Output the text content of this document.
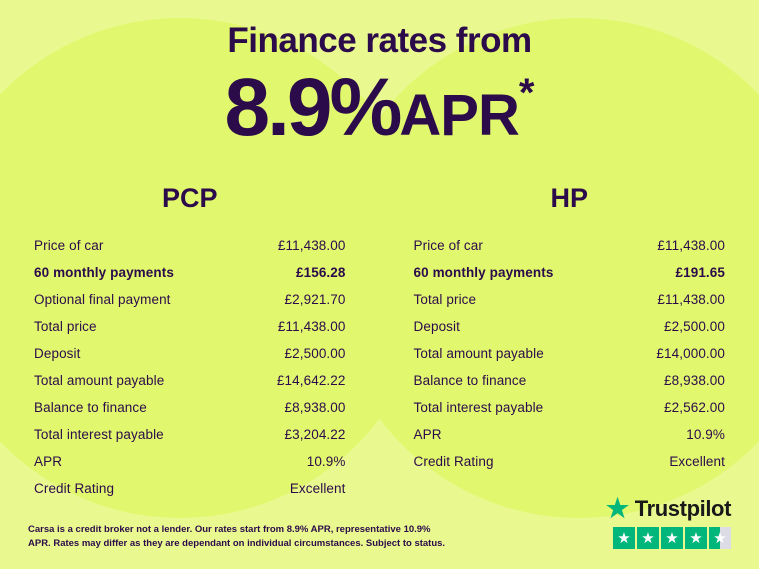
Finance rates from
8.9%APR*
PCP
Price of car	£11,438.00
60 monthly payments	£156.28
Optional final payment	£2,921.70
Total price	£11,438.00
Deposit	£2,500.00
Total amount payable	£14,642.22
Balance to finance	£8,938.00
Total interest payable	£3,204.22
APR	10.9%
Credit Rating	Excellent
HP
Price of car	£11,438.00
60 monthly payments	£191.65
Total price	£11,438.00
Deposit	£2,500.00
Total amount payable	£14,000.00
Balance to finance	£8,938.00
Total interest payable	£2,562.00
APR	10.9%
Credit Rating	Excellent
Carsa is a credit broker not a lender. Our rates start from 8.9% APR, representative 10.9% APR. Rates may differ as they are dependant on individual circumstances. Subject to status.
★ Trustpilot
★ ★ ★ ★ ★
